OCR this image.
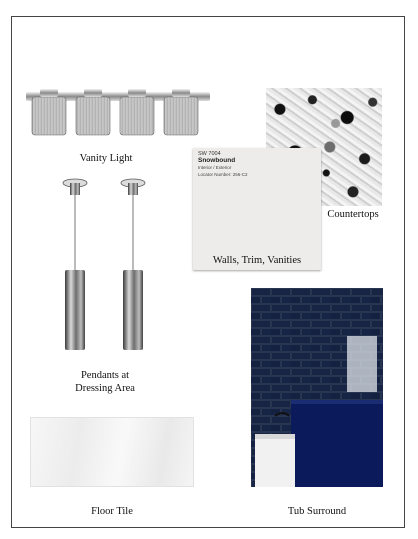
Vanity Light
Countertops
SW 7004
Snowbound
Interior / Exterior
Locator Number: 256-C2
Walls, Trim, Vanities
Pendants at
Dressing Area
Floor Tile	Tub Surround
